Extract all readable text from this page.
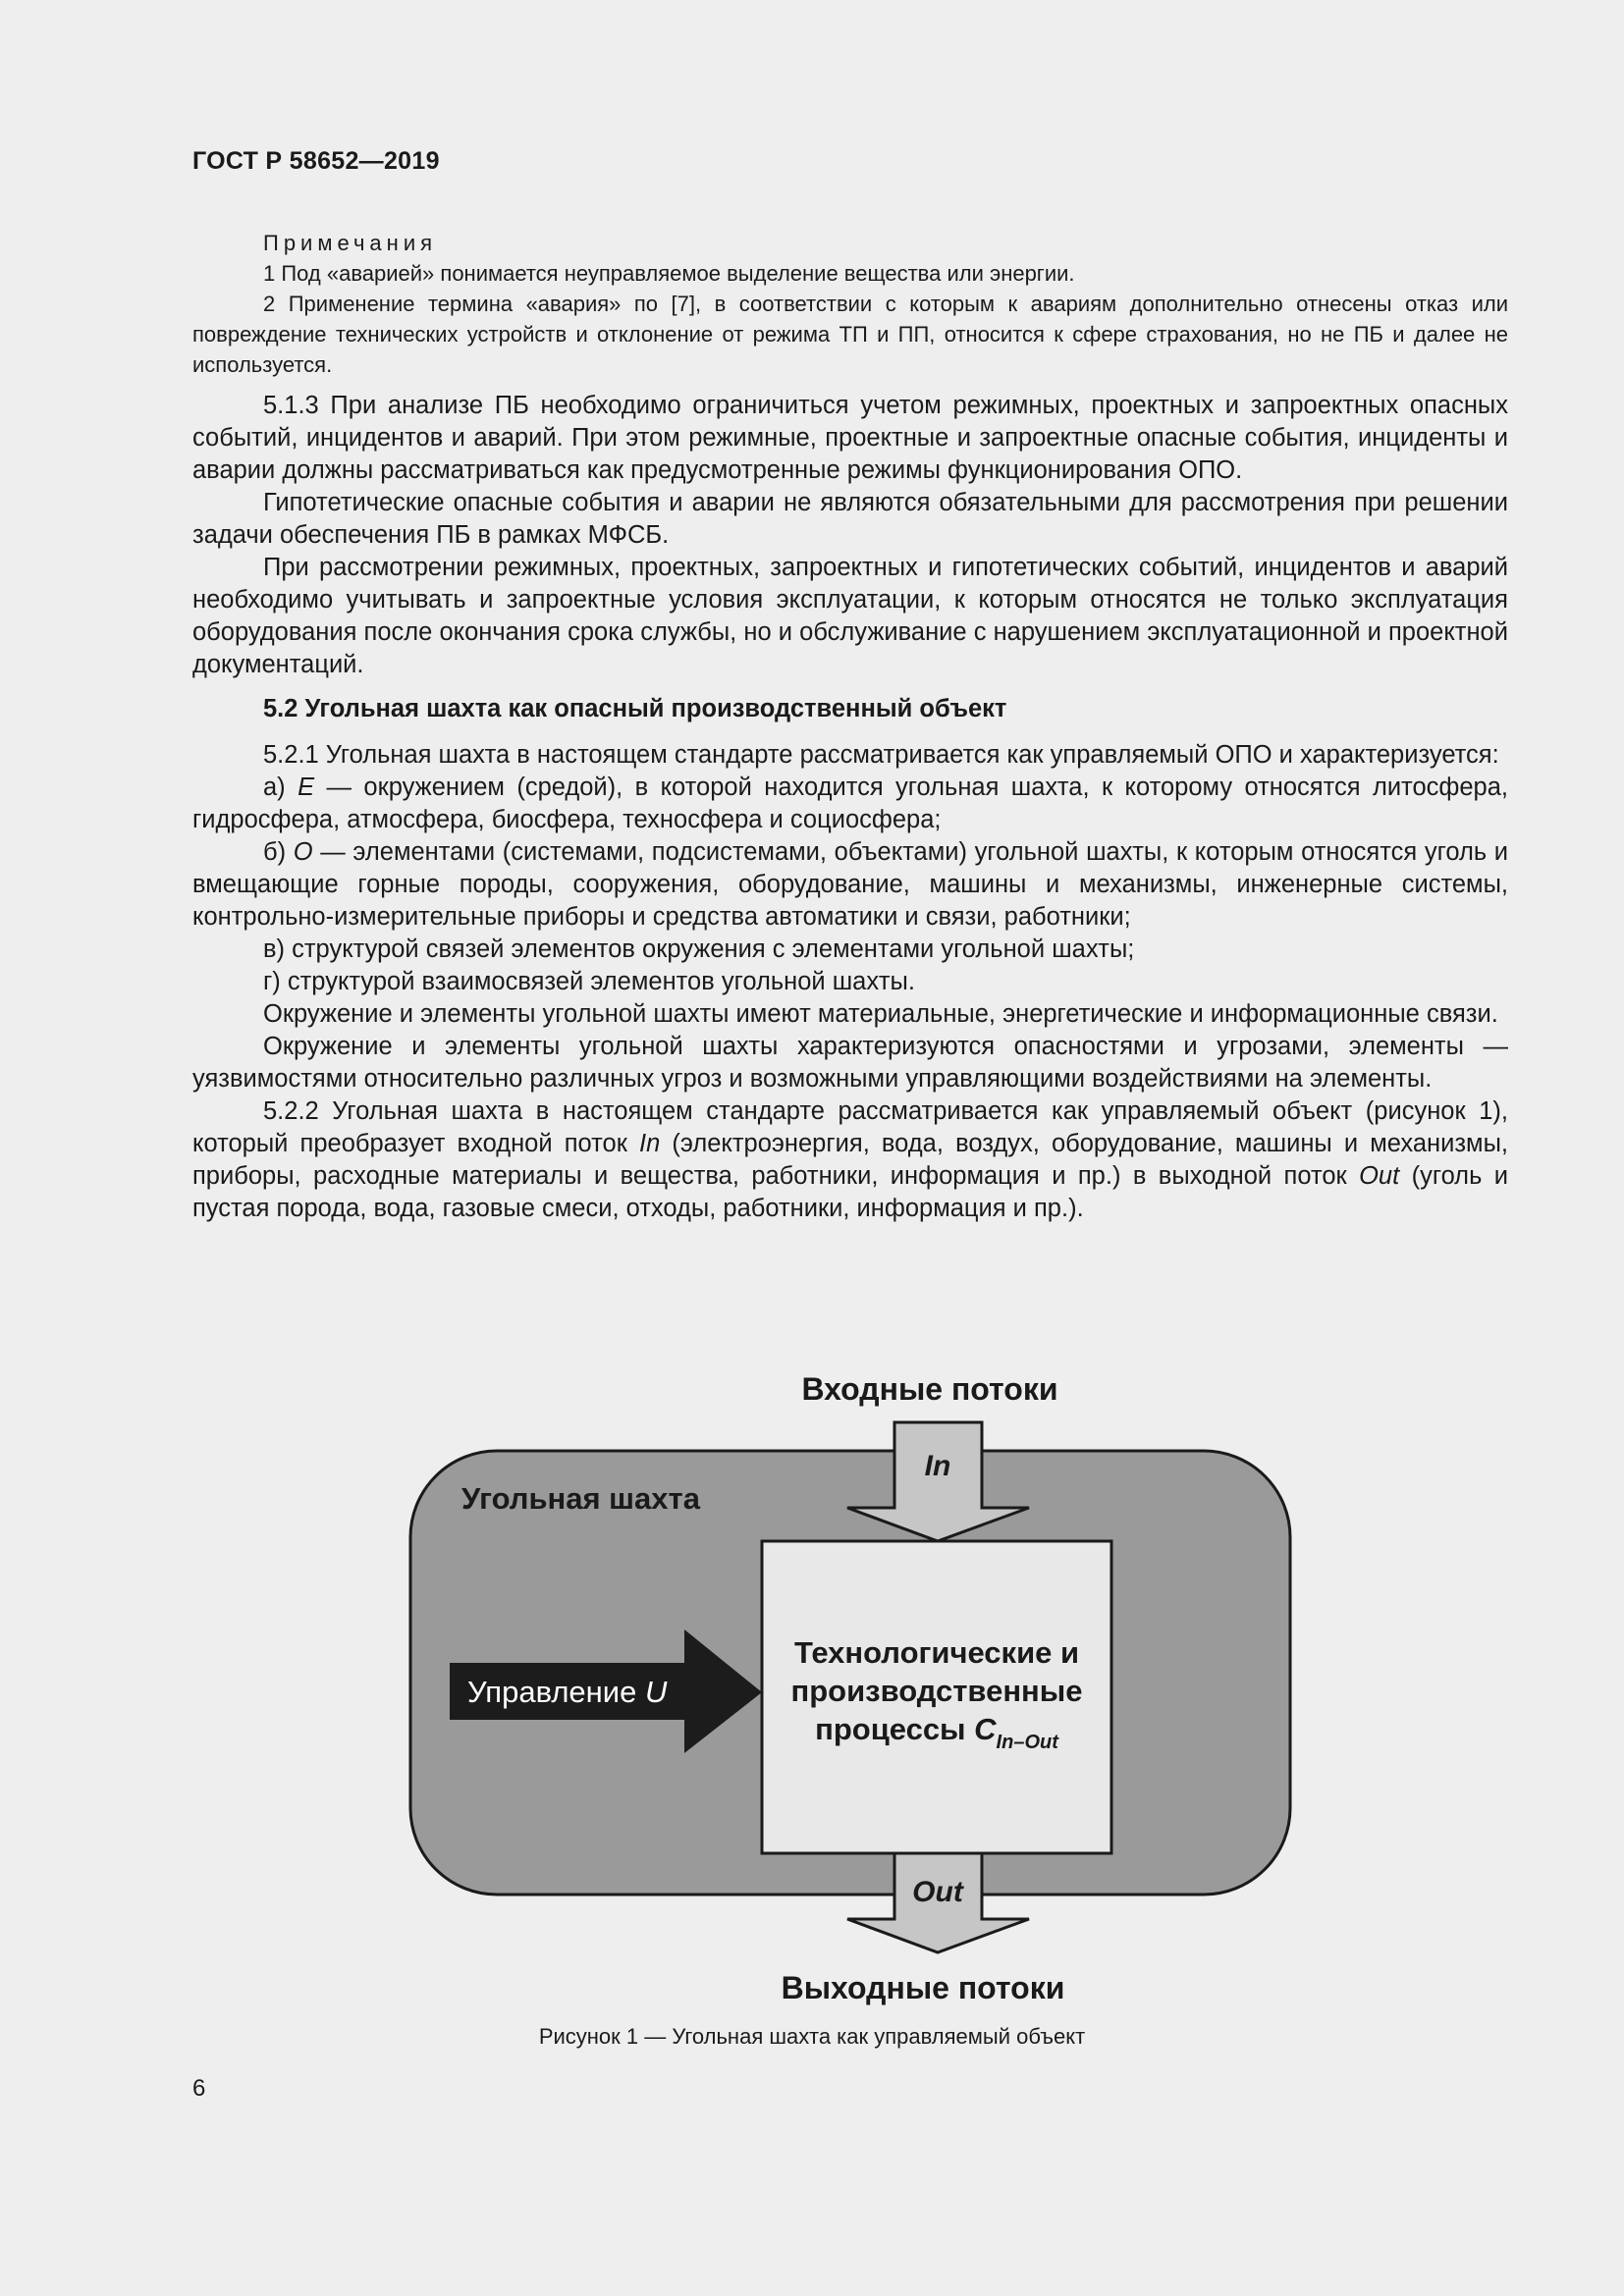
ГОСТ Р 58652—2019
Примечания
1 Под «аварией» понимается неуправляемое выделение вещества или энергии.
2 Применение термина «авария» по [7], в соответствии с которым к авариям дополнительно отнесены отказ или повреждение технических устройств и отклонение от режима ТП и ПП, относится к сфере страхования, но не ПБ и далее не используется.

5.1.3 При анализе ПБ необходимо ограничиться учетом режимных, проектных и запроектных опасных событий, инцидентов и аварий. При этом режимные, проектные и запроектные опасные события, инциденты и аварии должны рассматриваться как предусмотренные режимы функционирования ОПО.

Гипотетические опасные события и аварии не являются обязательными для рассмотрения при решении задачи обеспечения ПБ в рамках МФСБ.

При рассмотрении режимных, проектных, запроектных и гипотетических событий, инцидентов и аварий необходимо учитывать и запроектные условия эксплуатации, к которым относятся не только эксплуатация оборудования после окончания срока службы, но и обслуживание с нарушением эксплуатационной и проектной документаций.

5.2 Угольная шахта как опасный производственный объект

5.2.1 Угольная шахта в настоящем стандарте рассматривается как управляемый ОПО и характеризуется:

а) E — окружением (средой), в которой находится угольная шахта, к которому относятся литосфера, гидросфера, атмосфера, биосфера, техносфера и социосфера;

б) O — элементами (системами, подсистемами, объектами) угольной шахты, к которым относятся уголь и вмещающие горные породы, сооружения, оборудование, машины и механизмы, инженерные системы, контрольно-измерительные приборы и средства автоматики и связи, работники;

в) структурой связей элементов окружения с элементами угольной шахты;

г) структурой взаимосвязей элементов угольной шахты.

Окружение и элементы угольной шахты имеют материальные, энергетические и информационные связи.

Окружение и элементы угольной шахты характеризуются опасностями и угрозами, элементы — уязвимостями относительно различных угроз и возможными управляющими воздействиями на элементы.

5.2.2 Угольная шахта в настоящем стандарте рассматривается как управляемый объект (рисунок 1), который преобразует входной поток In (электроэнергия, вода, воздух, оборудование, машины и механизмы, приборы, расходные материалы и вещества, работники, информация и пр.) в выходной поток Out (уголь и пустая порода, вода, газовые смеси, отходы, работники, информация и пр.).

Входные потоки
Угольная шахта
In
Технологические и
производственные
процессы $C_{In-Out}$
Управление U
Out
Выходные потоки
Рисунок 1 — Угольная шахта как управляемый объект
6
